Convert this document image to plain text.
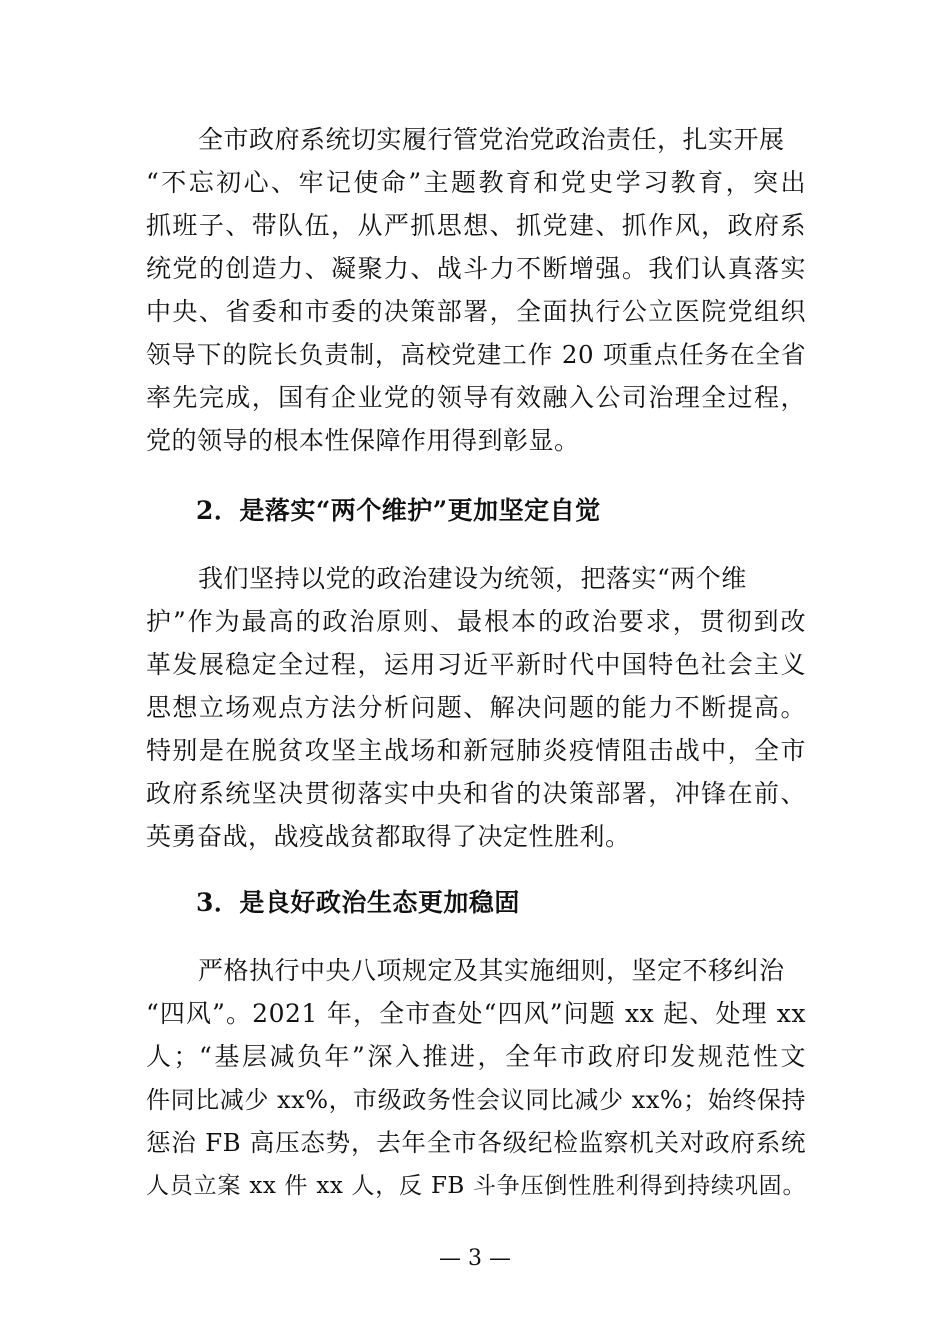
全市政府系统切实履行管党治党政治责任，扎实开展
“不忘初心、牢记使命”主题教育和党史学习教育，突出
抓班子、带队伍，从严抓思想、抓党建、抓作风，政府系
统党的创造力、凝聚力、战斗力不断增强。我们认真落实
中央、省委和市委的决策部署，全面执行公立医院党组织
领导下的院长负责制，高校党建工作 20 项重点任务在全省
率先完成，国有企业党的领导有效融入公司治理全过程，
党的领导的根本性保障作用得到彰显。
2．是落实“两个维护”更加坚定自觉
我们坚持以党的政治建设为统领，把落实“两个维
护”作为最高的政治原则、最根本的政治要求，贯彻到改
革发展稳定全过程，运用习近平新时代中国特色社会主义
思想立场观点方法分析问题、解决问题的能力不断提高。
特别是在脱贫攻坚主战场和新冠肺炎疫情阻击战中，全市
政府系统坚决贯彻落实中央和省的决策部署，冲锋在前、
英勇奋战，战疫战贫都取得了决定性胜利。
3．是良好政治生态更加稳固
严格执行中央八项规定及其实施细则，坚定不移纠治
“四风”。2021 年，全市查处“四风”问题 xx 起、处理 xx
人；“基层减负年”深入推进，全年市政府印发规范性文
件同比减少 xx%，市级政务性会议同比减少 xx%；始终保持
惩治 FB 高压态势，去年全市各级纪检监察机关对政府系统
人员立案 xx 件 xx 人，反 FB 斗争压倒性胜利得到持续巩固。
— 3 —
